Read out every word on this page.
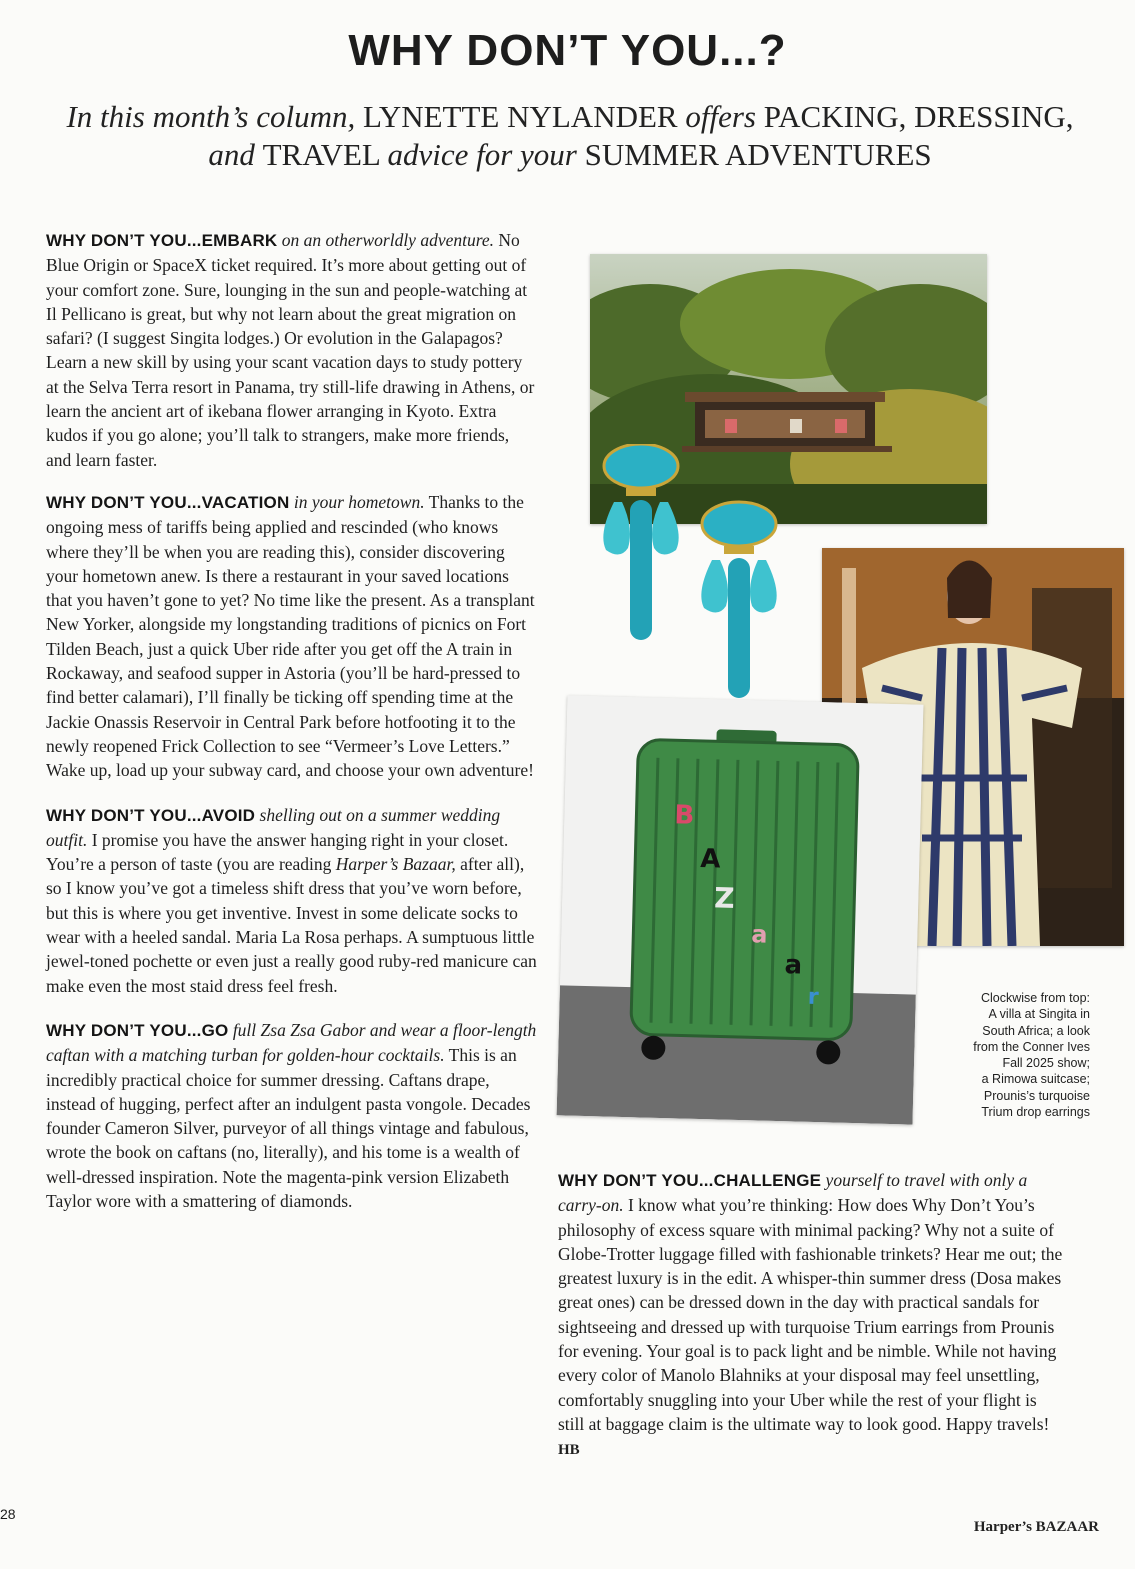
WHY DON’T YOU...?
In this month’s column, LYNETTE NYLANDER offers PACKING, DRESSING, and TRAVEL advice for your SUMMER ADVENTURES

WHY DON’T YOU...EMBARK on an otherworldly adventure. No Blue Origin or SpaceX ticket required. It’s more about getting out of your comfort zone. Sure, lounging in the sun and people-watching at Il Pellicano is great, but why not learn about the great migration on safari? (I suggest Singita lodges.) Or evolution in the Galapagos? Learn a new skill by using your scant vacation days to study pottery at the Selva Terra resort in Panama, try still-life drawing in Athens, or learn the ancient art of ikebana flower arranging in Kyoto. Extra kudos if you go alone; you’ll talk to strangers, make more friends, and learn faster.

WHY DON’T YOU...VACATION in your hometown. Thanks to the ongoing mess of tariffs being applied and rescinded (who knows where they’ll be when you are reading this), consider discovering your hometown anew. Is there a restaurant in your saved locations that you haven’t gone to yet? No time like the present. As a transplant New Yorker, alongside my longstanding traditions of picnics on Fort Tilden Beach, just a quick Uber ride after you get off the A train in Rockaway, and seafood supper in Astoria (you’ll be hard-pressed to find better calamari), I’ll finally be ticking off spending time at the Jackie Onassis Reservoir in Central Park before hotfooting it to the newly reopened Frick Collection to see “Vermeer’s Love Letters.” Wake up, load up your subway card, and choose your own adventure!

WHY DON’T YOU...AVOID shelling out on a summer wedding outfit. I promise you have the answer hanging right in your closet. You’re a person of taste (you are reading Harper’s Bazaar, after all), so I know you’ve got a timeless shift dress that you’ve worn before, but this is where you get inventive. Invest in some delicate socks to wear with a heeled sandal. Maria La Rosa perhaps. A sumptuous little jewel-toned pochette or even just a really good ruby-red manicure can make even the most staid dress feel fresh.

WHY DON’T YOU...GO full Zsa Zsa Gabor and wear a floor-length caftan with a matching turban for golden-hour cocktails. This is an incredibly practical choice for summer dressing. Caftans drape, instead of hugging, perfect after an indulgent pasta vongole. Decades founder Cameron Silver, purveyor of all things vintage and fabulous, wrote the book on caftans (no, literally), and his tome is a wealth of well-dressed inspiration. Note the magenta-pink version Elizabeth Taylor wore with a smattering of diamonds.

WHY DON’T YOU...CHALLENGE yourself to travel with only a carry-on. I know what you’re thinking: How does Why Don’t You’s philosophy of excess square with minimal packing? Why not a suite of Globe-Trotter luggage filled with fashionable trinkets? Hear me out; the greatest luxury is in the edit. A whisper-thin summer dress (Dosa makes great ones) can be dressed down in the day with practical sandals for sightseeing and dressed up with turquoise Trium earrings from Prounis for evening. Your goal is to pack light and be nimble. While not having every color of Manolo Blahniks at your disposal may feel unsettling, comfortably snuggling into your Uber while the rest of your flight is still at baggage claim is the ultimate way to look good. Happy travels! HB

B
A
Z
a
a
r	Clockwise from top:
A villa at Singita in
South Africa; a look
from the Conner Ives
Fall 2025 show;
a Rimowa suitcase;
Prounis’s turquoise
Trium drop earrings
28
Harper’s BAZAAR
